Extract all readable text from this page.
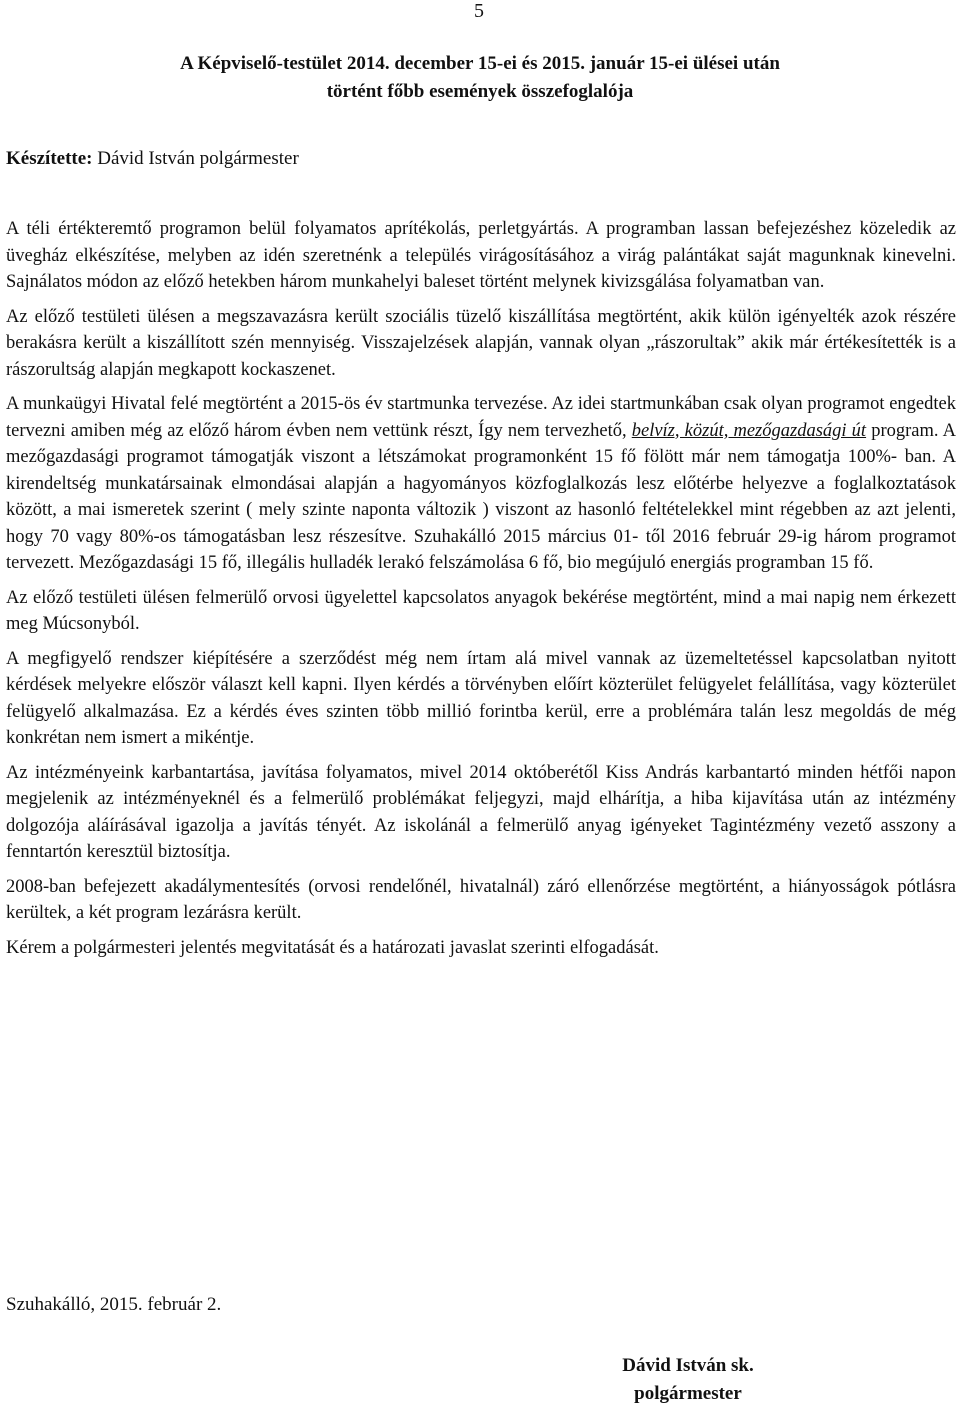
5
A Képviselő-testület 2014. december 15-ei és 2015. január 15-ei ülései után
történt főbb események összefoglalója
Készítette: Dávid István polgármester

A téli értékteremtő programon belül folyamatos aprítékolás, perletgyártás. A programban lassan befejezéshez közeledik az üvegház elkészítése, melyben az idén szeretnénk a település virágosításához a virág palántákat saját magunknak kinevelni. Sajnálatos módon az előző hetekben három munkahelyi baleset történt melynek kivizsgálása folyamatban van.

Az előző testületi ülésen a megszavazásra került szociális tüzelő kiszállítása megtörtént, akik külön igényelték azok részére berakásra került a kiszállított szén mennyiség. Visszajelzések alapján, vannak olyan „rászorultak” akik már értékesítették is a rászorultság alapján megkapott kockaszenet.

A munkaügyi Hivatal felé megtörtént a 2015-ös év startmunka tervezése. Az idei startmunkában csak olyan programot engedtek tervezni amiben még az előző három évben nem vettünk részt, Így nem tervezhető, belvíz, közút, mezőgazdasági út program. A mezőgazdasági programot támogatják viszont a létszámokat programonként 15 fő fölött már nem támogatja 100%- ban. A kirendeltség munkatársainak elmondásai alapján a hagyományos közfoglalkozás lesz előtérbe helyezve a foglalkoztatások között, a mai ismeretek szerint ( mely szinte naponta változik ) viszont az hasonló feltételekkel mint régebben az azt jelenti, hogy 70 vagy 80%-os támogatásban lesz részesítve. Szuhakálló 2015 március 01- től 2016 február 29-ig három programot tervezett. Mezőgazdasági 15 fő, illegális hulladék lerakó felszámolása 6 fő, bio megújuló energiás programban 15 fő.

Az előző testületi ülésen felmerülő orvosi ügyelettel kapcsolatos anyagok bekérése megtörtént, mind a mai napig nem érkezett meg Múcsonyból.

A megfigyelő rendszer kiépítésére a szerződést még nem írtam alá mivel vannak az üzemeltetéssel kapcsolatban nyitott kérdések melyekre először választ kell kapni. Ilyen kérdés a törvényben előírt közterület felügyelet felállítása, vagy közterület felügyelő alkalmazása. Ez a kérdés éves szinten több millió forintba kerül, erre a problémára talán lesz megoldás de még konkrétan nem ismert a mikéntje.

Az intézményeink karbantartása, javítása folyamatos, mivel 2014 októberétől Kiss András karbantartó minden hétfői napon megjelenik az intézményeknél és a felmerülő problémákat feljegyzi, majd elhárítja, a hiba kijavítása után az intézmény dolgozója aláírásával igazolja a javítás tényét. Az iskolánál a felmerülő anyag igényeket Tagintézmény vezető asszony a fenntartón keresztül biztosítja.

2008-ban befejezett akadálymentesítés (orvosi rendelőnél, hivatalnál) záró ellenőrzése megtörtént, a hiányosságok pótlásra kerültek, a két program lezárásra került.

Kérem a polgármesteri jelentés megvitatását és a határozati javaslat szerinti elfogadását.

Szuhakálló, 2015. február 2.
Dávid István sk.
polgármester
